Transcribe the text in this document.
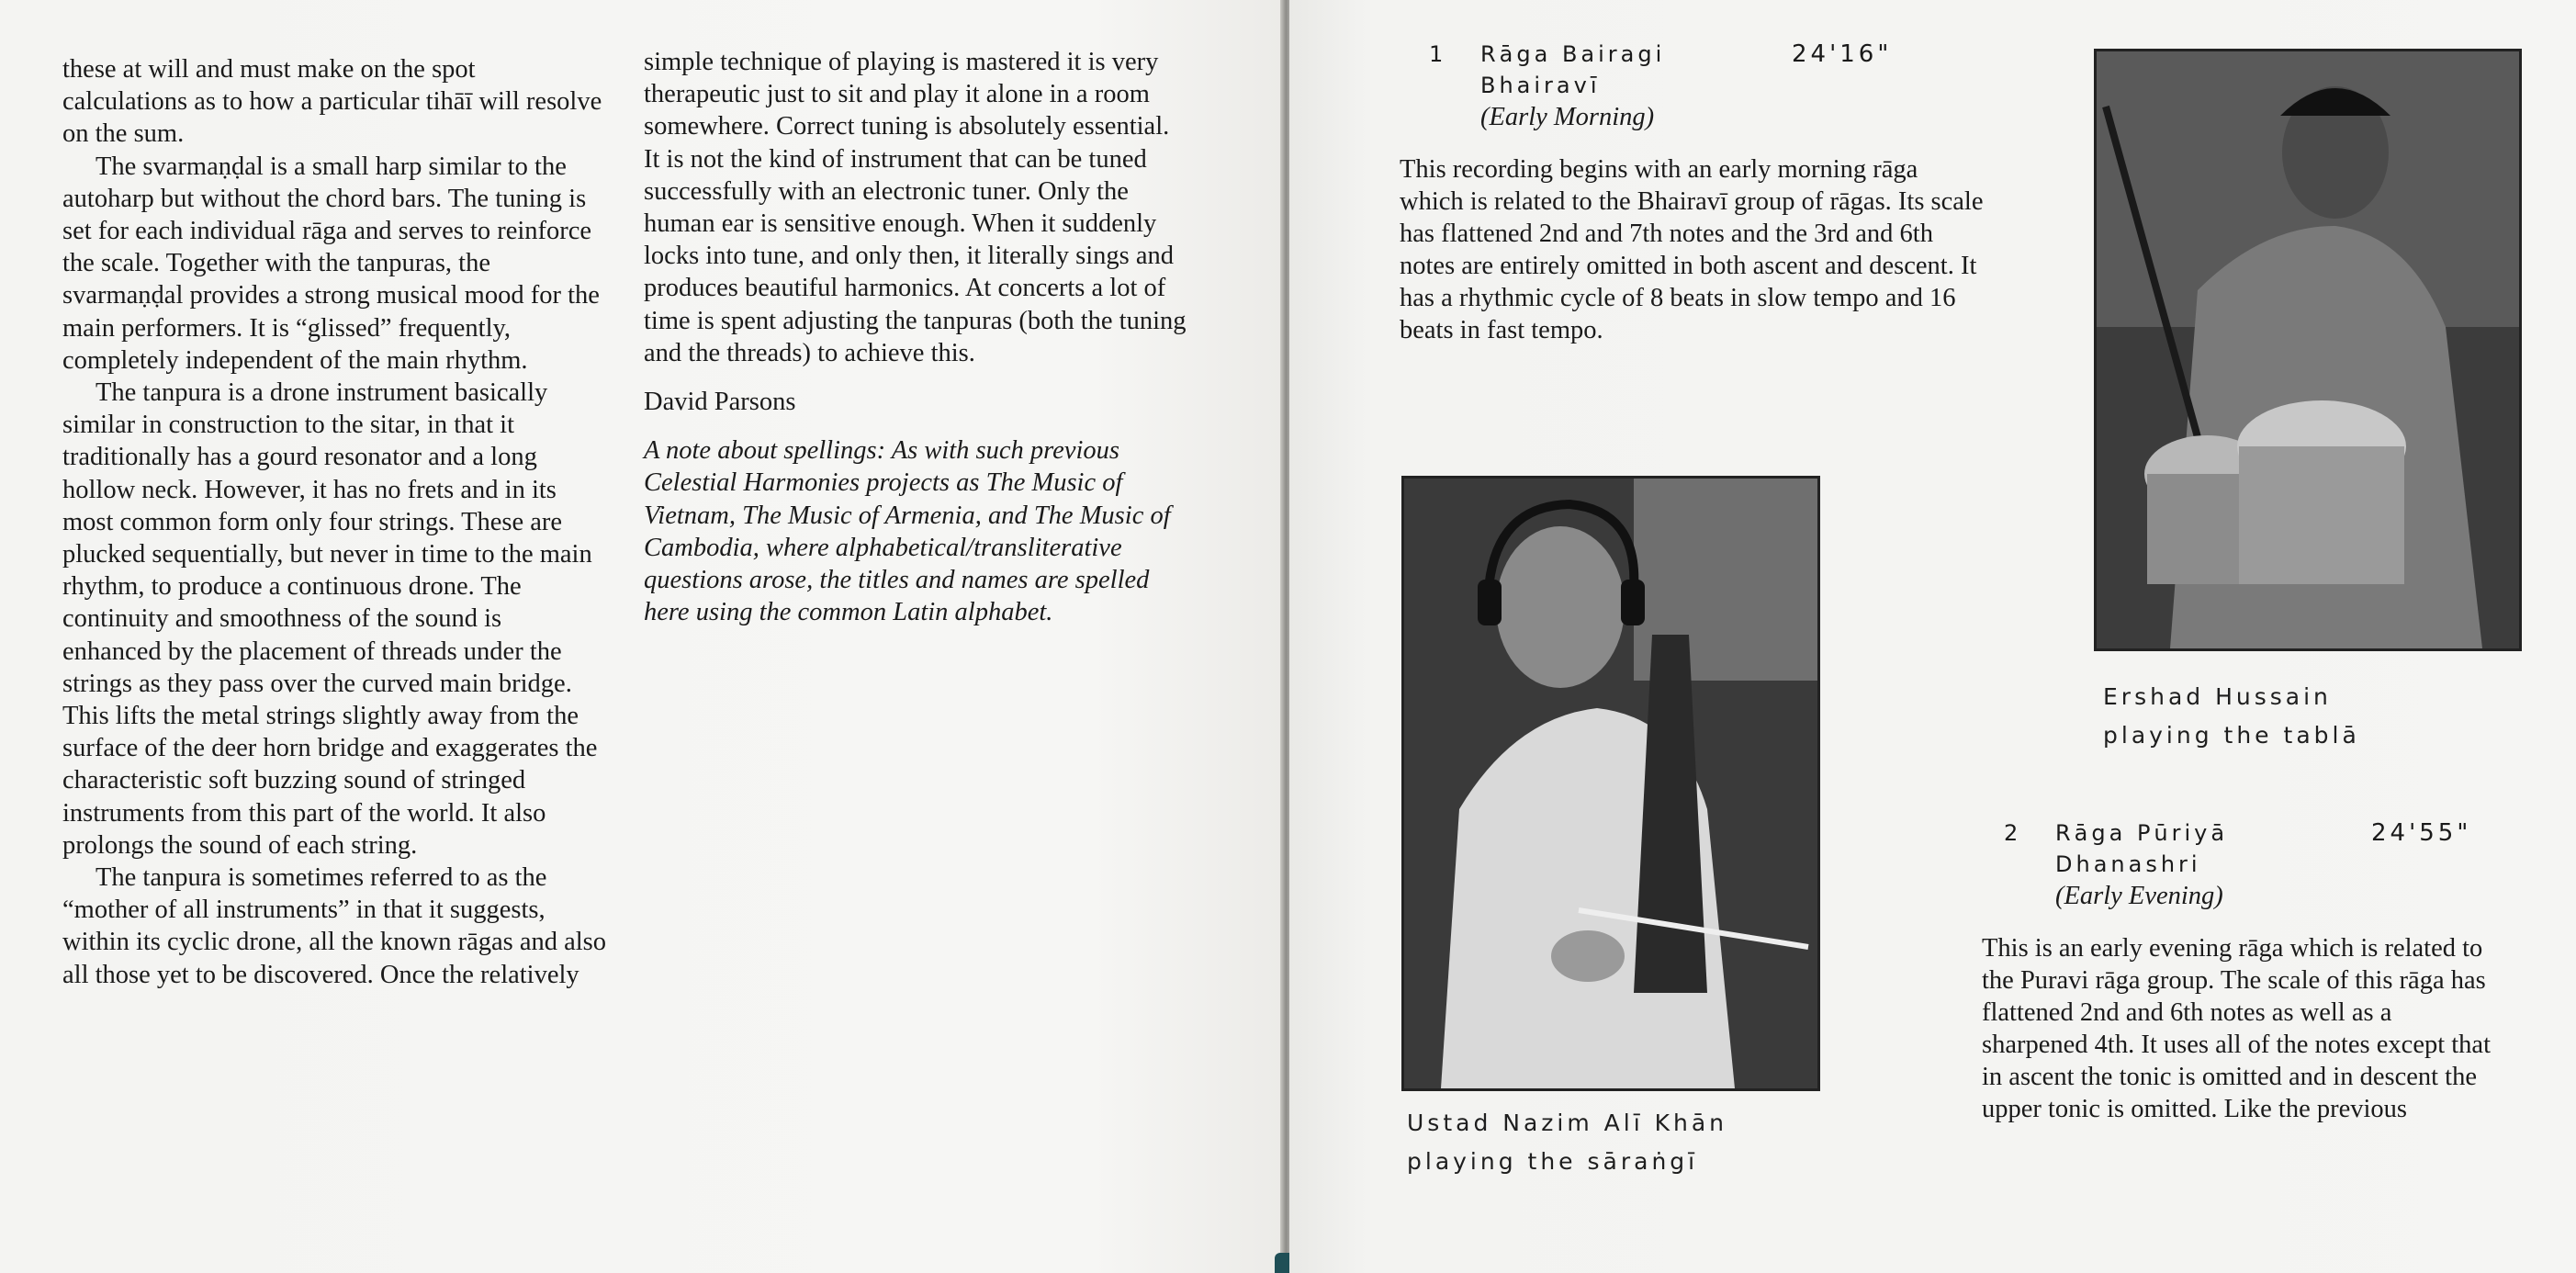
these at will and must make on the spot calculations as to how a particular tihāī will resolve on the sum.

The svarmaṇḍal is a small harp similar to the autoharp but without the chord bars. The tuning is set for each individual rāga and serves to reinforce the scale. Together with the tanpuras, the svarmaṇḍal provides a strong musical mood for the main performers. It is “glissed” frequently, completely independent of the main rhythm.

The tanpura is a drone instrument basically similar in construction to the sitar, in that it traditionally has a gourd resonator and a long hollow neck. However, it has no frets and in its most common form only four strings. These are plucked sequentially, but never in time to the main rhythm, to produce a continuous drone. The continuity and smoothness of the sound is enhanced by the placement of threads under the strings as they pass over the curved main bridge. This lifts the metal strings slightly away from the surface of the deer horn bridge and exaggerates the characteristic soft buzzing sound of stringed instruments from this part of the world. It also prolongs the sound of each string.

The tanpura is sometimes referred to as the “mother of all instruments” in that it suggests, within its cyclic drone, all the known rāgas and also all those yet to be discovered. Once the relatively

simple technique of playing is mastered it is very therapeutic just to sit and play it alone in a room somewhere. Correct tuning is absolutely essential. It is not the kind of instrument that can be tuned successfully with an electronic tuner. Only the human ear is sensitive enough. When it suddenly locks into tune, and only then, it literally sings and produces beautiful harmonics. At concerts a lot of time is spent adjusting the tanpuras (both the tuning and the threads) to achieve this.

David Parsons

A note about spellings: As with such previous Celestial Harmonies projects as The Music of Vietnam, The Music of Armenia, and The Music of Cambodia, where alphabetical/transliterative questions arose, the titles and names are spelled here using the common Latin alphabet.

1 Rāga Bairagi
Bhairavī
24'16"
(Early Morning)

This recording begins with an early morning rāga which is related to the Bhairavī group of rāgas. Its scale has flattened 2nd and 7th notes and the 3rd and 6th notes are entirely omitted in both ascent and descent. It has a rhythmic cycle of 8 beats in slow tempo and 16 beats in fast tempo.

Ustad Nazim Alī Khān
playing the sāraṅgī
Ershad Hussain
playing the tablā
2 Rāga Pūriyā
Dhanashri
24'55"
(Early Evening)

This is an early evening rāga which is related to the Puravi rāga group. The scale of this rāga has flattened 2nd and 6th notes as well as a sharpened 4th. It uses all of the notes except that in ascent the tonic is omitted and in descent the upper tonic is omitted. Like the previous
